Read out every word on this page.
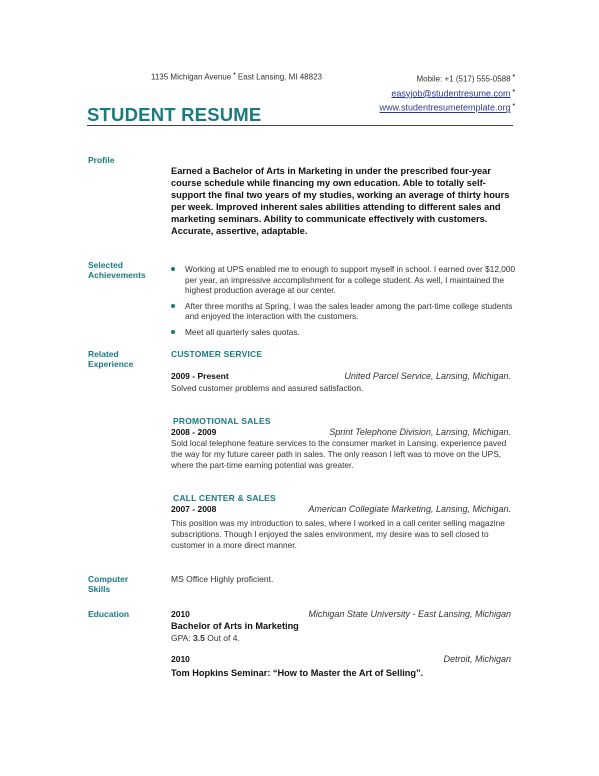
1135 Michigan Avenue • East Lansing, MI 48823	Mobile: +1 (517) 555-0588 •
easyjob@studentresume.com •
www.studentresumetemplate.org •
STUDENT RESUME
Profile
Earned a Bachelor of Arts in Marketing in under the prescribed four-year course schedule while financing my own education. Able to totally self-support the final two years of my studies, working an average of thirty hours per week. Improved inherent sales abilities attending to different sales and marketing seminars. Ability to communicate effectively with customers. Accurate, assertive, adaptable.
Selected
Achievements
Working at UPS enabled me to enough to support myself in school. I earned over $12,000 per year, an impressive accomplishment for a college student. As well, I maintained the highest production average at our center.
After three months at Spring, I was the sales leader among the part-time college students and enjoyed the interaction with the customers.
Meet all quarterly sales quotas.
Related
Experience
CUSTOMER SERVICE
2009 - Present	United Parcel Service, Lansing, Michigan.
Solved customer problems and assured satisfaction.
PROMOTIONAL SALES
2008 - 2009	Sprint Telephone Division, Lansing, Michigan.
Sold local telephone feature services to the consumer market in Lansing. experience paved the way for my future career path in sales. The only reason I left was to move on the UPS, where the part-time earning potential was greater.
CALL CENTER & SALES
2007 - 2008	American Collegiate Marketing, Lansing, Michigan.
This position was my introduction to sales, where I worked in a call center selling magazine subscriptions. Though I enjoyed the sales environment, my desire was to sell closed to customer in a more direct manner.
Computer
Skills
MS Office Highly proficient.
Education	2010	Michigan State University - East Lansing, Michigan
Bachelor of Arts in Marketing
GPA: 3.5 Out of 4.
2010	Detroit, Michigan
Tom Hopkins Seminar: “How to Master the Art of Selling”.
